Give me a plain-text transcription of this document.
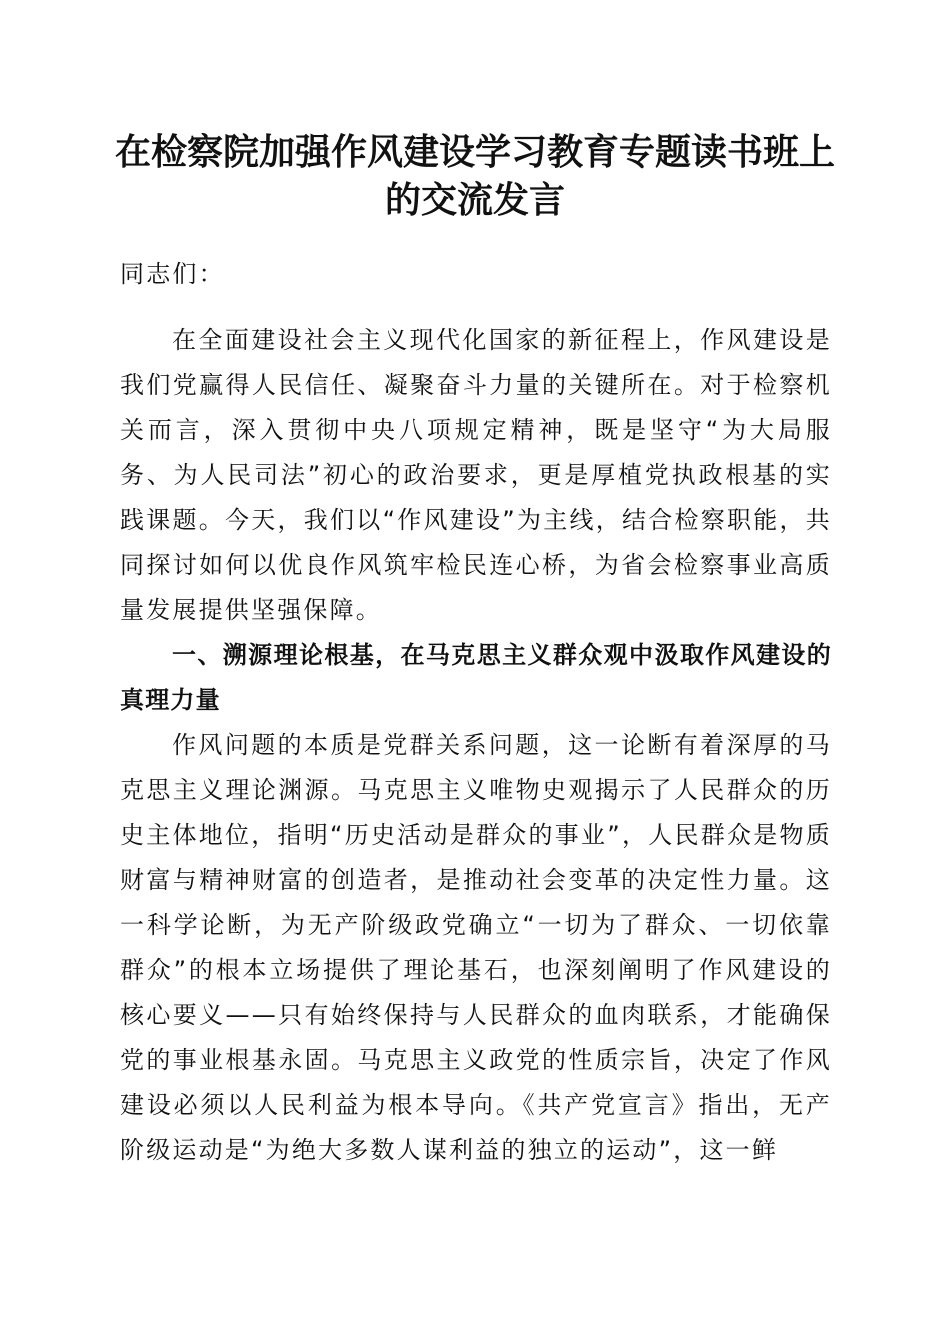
在检察院加强作风建设学习教育专题读书班上
的交流发言

同志们：

在全面建设社会主义现代化国家的新征程上，作风建设是我们党赢得人民信任、凝聚奋斗力量的关键所在。对于检察机关而言，深入贯彻中央八项规定精神，既是坚守“为大局服务、为人民司法”初心的政治要求，更是厚植党执政根基的实践课题。今天，我们以“作风建设”为主线，结合检察职能，共同探讨如何以优良作风筑牢检民连心桥，为省会检察事业高质量发展提供坚强保障。

一、溯源理论根基，在马克思主义群众观中汲取作风建设的真理力量

作风问题的本质是党群关系问题，这一论断有着深厚的马克思主义理论渊源。马克思主义唯物史观揭示了人民群众的历史主体地位，指明“历史活动是群众的事业”，人民群众是物质财富与精神财富的创造者，是推动社会变革的决定性力量。这一科学论断，为无产阶级政党确立“一切为了群众、一切依靠群众”的根本立场提供了理论基石，也深刻阐明了作风建设的核心要义——只有始终保持与人民群众的血肉联系，才能确保党的事业根基永固。马克思主义政党的性质宗旨，决定了作风建设必须以人民利益为根本导向。《共产党宣言》指出，无产阶级运动是“为绝大多数人谋利益的独立的运动”，这一鲜
